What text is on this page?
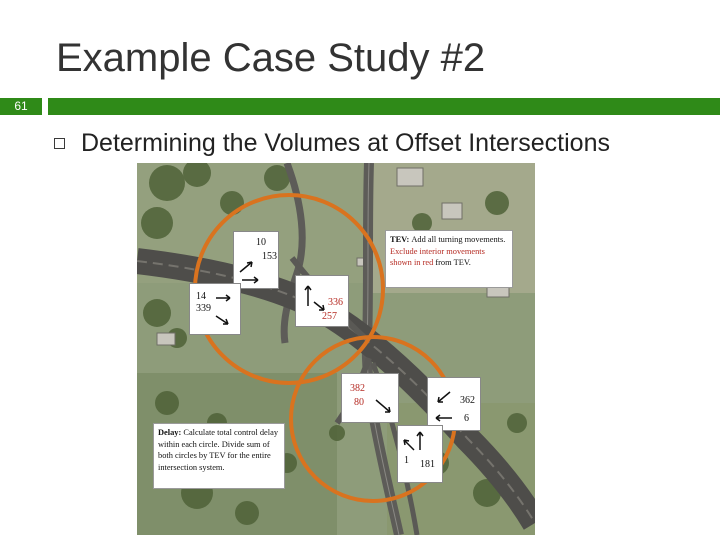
Example Case Study #2
61
Determining the Volumes at Offset Intersections
TEV: Add all turning movements. Exclude interior movements shown in red from TEV.
Delay: Calculate total control delay within each circle. Divide sum of both circles by TEV for the entire intersection system.
10
153
14
339
336
257
382
80	362
6
1 181
